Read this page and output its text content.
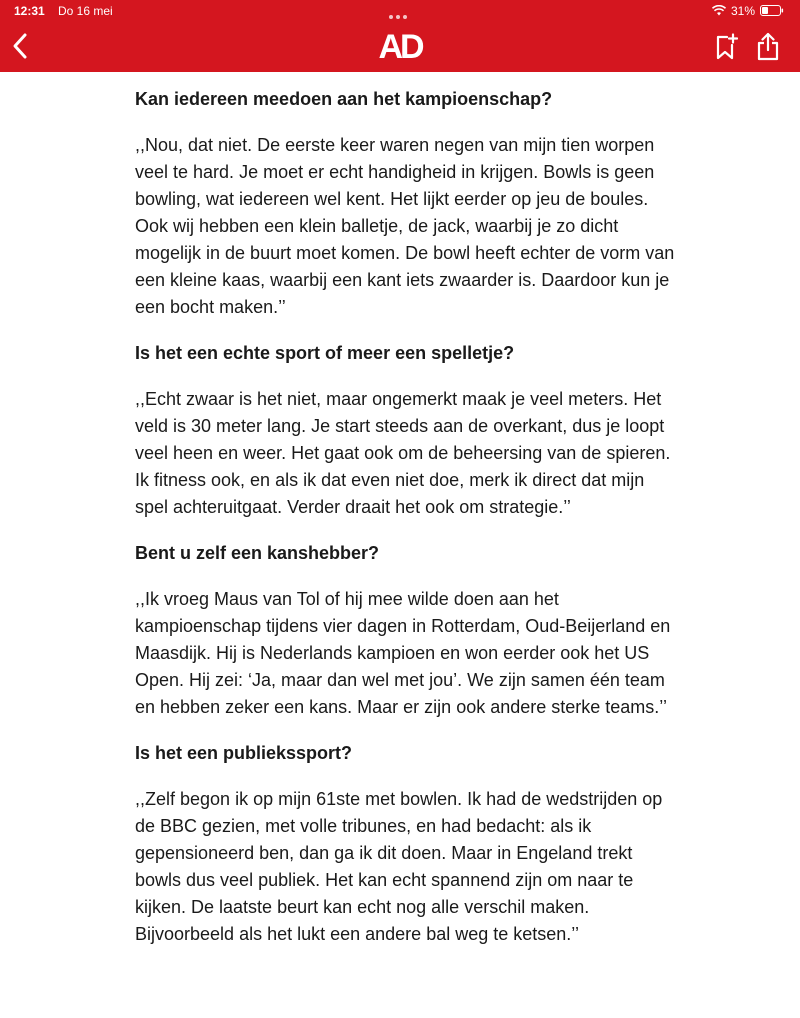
12:31 Do 16 mei	31%
AD

Kan iedereen meedoen aan het kampioenschap?

,,Nou, dat niet. De eerste keer waren negen van mijn tien worpen veel te hard. Je moet er echt handigheid in krijgen. Bowls is geen bowling, wat iedereen wel kent. Het lijkt eerder op jeu de boules. Ook wij hebben een klein balletje, de jack, waarbij je zo dicht mogelijk in de buurt moet komen. De bowl heeft echter de vorm van een kleine kaas, waarbij een kant iets zwaarder is. Daardoor kun je een bocht maken.’’

Is het een echte sport of meer een spelletje?

,,Echt zwaar is het niet, maar ongemerkt maak je veel meters. Het veld is 30 meter lang. Je start steeds aan de overkant, dus je loopt veel heen en weer. Het gaat ook om de beheersing van de spieren. Ik fitness ook, en als ik dat even niet doe, merk ik direct dat mijn spel achteruitgaat. Verder draait het ook om strategie.’’

Bent u zelf een kanshebber?

,,Ik vroeg Maus van Tol of hij mee wilde doen aan het kampioenschap tijdens vier dagen in Rotterdam, Oud-Beijerland en Maasdijk. Hij is Nederlands kampioen en won eerder ook het US Open. Hij zei: ‘Ja, maar dan wel met jou’. We zijn samen één team en hebben zeker een kans. Maar er zijn ook andere sterke teams.’’

Is het een publiekssport?

,,Zelf begon ik op mijn 61ste met bowlen. Ik had de wedstrijden op de BBC gezien, met volle tribunes, en had bedacht: als ik gepensioneerd ben, dan ga ik dit doen. Maar in Engeland trekt bowls dus veel publiek. Het kan echt spannend zijn om naar te kijken. De laatste beurt kan echt nog alle verschil maken. Bijvoorbeeld als het lukt een andere bal weg te ketsen.’’
